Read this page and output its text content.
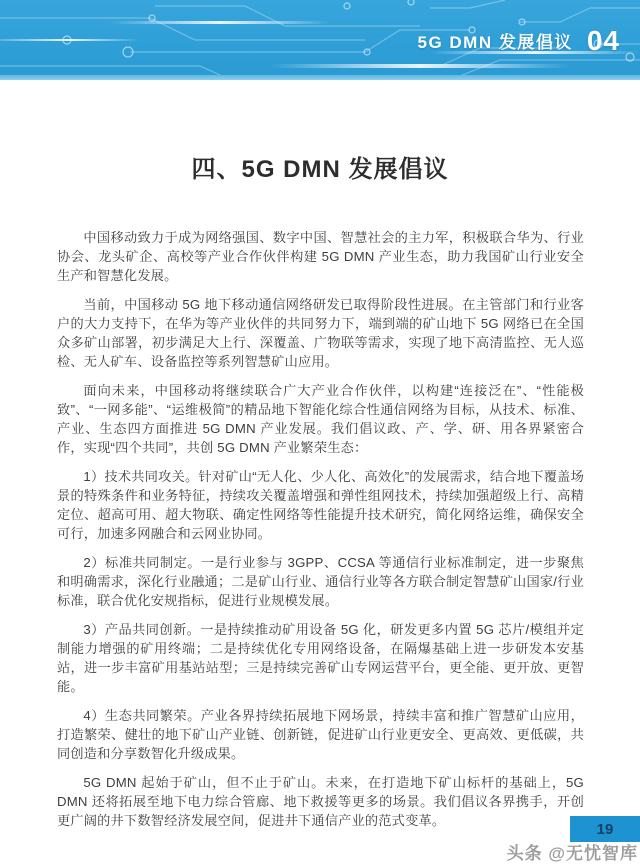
5G DMN 发展倡议 04
四、5G DMN 发展倡议

中国移动致力于成为网络强国、数字中国、智慧社会的主力军，积极联合华为、行业协会、龙头矿企、高校等产业合作伙伴构建 5G DMN 产业生态，助力我国矿山行业安全生产和智慧化发展。

当前，中国移动 5G 地下移动通信网络研发已取得阶段性进展。在主管部门和行业客户的大力支持下，在华为等产业伙伴的共同努力下，端到端的矿山地下 5G 网络已在全国众多矿山部署，初步满足大上行、深覆盖、广物联等需求，实现了地下高清监控、无人巡检、无人矿车、设备监控等系列智慧矿山应用。

面向未来，中国移动将继续联合广大产业合作伙伴，以构建“连接泛在”、“性能极致”、“一网多能”、“运维极简”的精品地下智能化综合性通信网络为目标，从技术、标准、产业、生态四方面推进 5G DMN 产业发展。我们倡议政、产、学、研、用各界紧密合作，实现“四个共同”，共创 5G DMN 产业繁荣生态：

1）技术共同攻关。针对矿山“无人化、少人化、高效化”的发展需求，结合地下覆盖场景的特殊条件和业务特征，持续攻关覆盖增强和弹性组网技术，持续加强超级上行、高精定位、超高可用、超大物联、确定性网络等性能提升技术研究，简化网络运维，确保安全可行，加速多网融合和云网业协同。

2）标准共同制定。一是行业参与 3GPP、CCSA 等通信行业标准制定，进一步聚焦和明确需求，深化行业融通；二是矿山行业、通信行业等各方联合制定智慧矿山国家/行业标准，联合优化安规指标，促进行业规模发展。

3）产品共同创新。一是持续推动矿用设备 5G 化，研发更多内置 5G 芯片/模组并定制能力增强的矿用终端；二是持续优化专用网络设备，在隔爆基础上进一步研发本安基站，进一步丰富矿用基站站型；三是持续完善矿山专网运营平台，更全能、更开放、更智能。

4）生态共同繁荣。产业各界持续拓展地下网场景，持续丰富和推广智慧矿山应用，打造繁荣、健壮的地下矿山产业链、创新链，促进矿山行业更安全、更高效、更低碳，共同创造和分享数智化升级成果。

5G DMN 起始于矿山，但不止于矿山。未来，在打造地下矿山标杆的基础上，5G DMN 还将拓展至地下电力综合管廊、地下救援等更多的场景。我们倡议各界携手，开创更广阔的井下数智经济发展空间，促进井下通信产业的范式变革。	19
头条 @无忧智库
